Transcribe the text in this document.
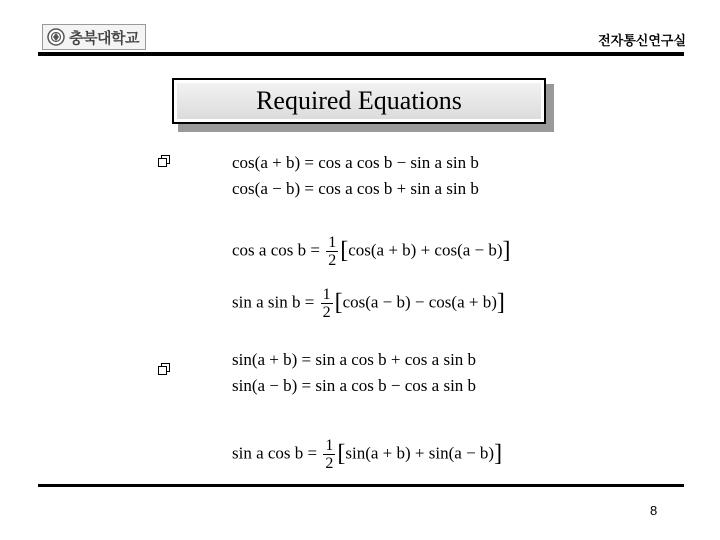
충북대학교	전자통신연구실
Required Equations
cos(a + b) = cos a cos b − sin a sin b
cos(a − b) = cos a cos b + sin a sin b
cos a $\cos b = \frac{1}{2} [\cos(a + b) + \cos(a - b)]$
sin a $\sin b = \frac{1}{2} [\cos(a - b) - \cos(a + b)]$
sin(a + b) = sin a cos b + cos a sin b
sin(a − b) = sin a cos b − cos a sin b
sin a $\cos b = \frac{1}{2} [\sin(a + b) + \sin(a - b)]$
8
